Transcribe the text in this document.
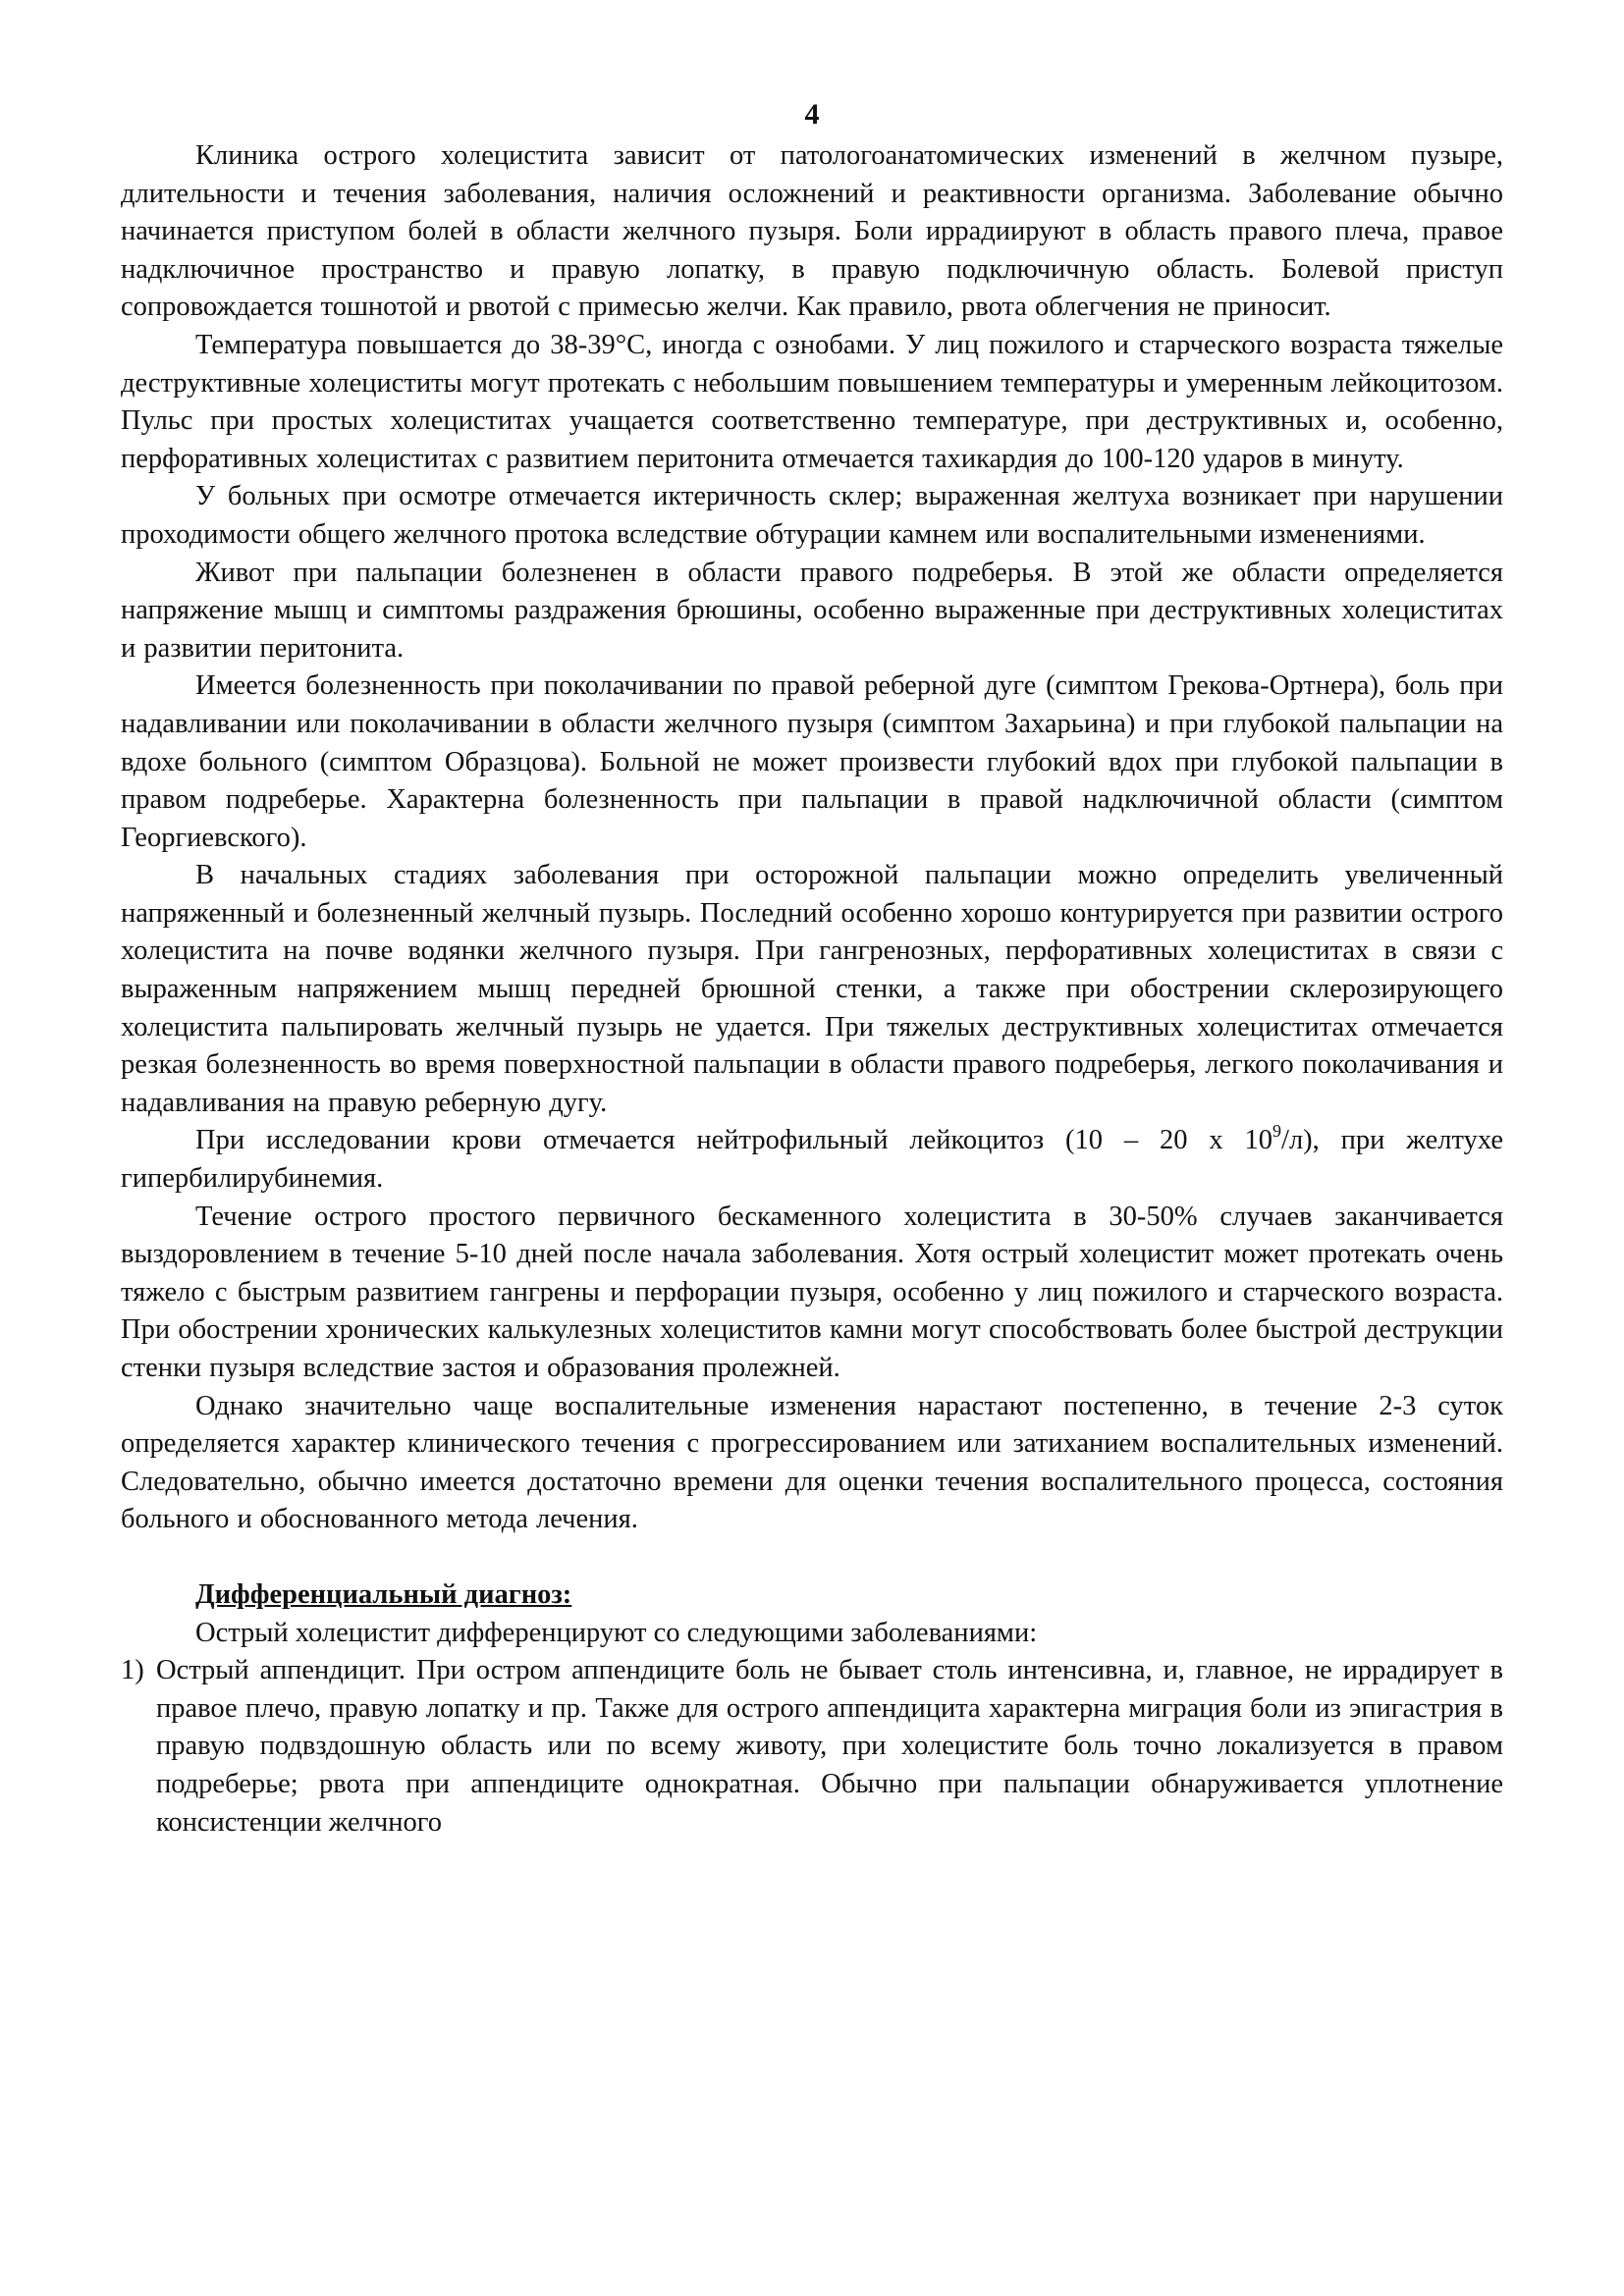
4

Клиника острого холецистита зависит от патологоанатомических изменений в желчном пузыре, длительности и течения заболевания, наличия осложнений и реактивности организма. Заболевание обычно начинается приступом болей в области желчного пузыря. Боли иррадиируют в область правого плеча, правое надключичное пространство и правую лопатку, в правую подключичную область. Болевой приступ сопровождается тошнотой и рвотой с примесью желчи. Как правило, рвота облегчения не приносит.

Температура повышается до 38-39°С, иногда с ознобами. У лиц пожилого и старческого возраста тяжелые деструктивные холециститы могут протекать с небольшим повышением температуры и умеренным лейкоцитозом. Пульс при простых холециститах учащается соответственно температуре, при деструктивных и, особенно, перфоративных холециститах с развитием перитонита отмечается тахикардия до 100-120 ударов в минуту.

У больных при осмотре отмечается иктеричность склер; выраженная желтуха возникает при нарушении проходимости общего желчного протока вследствие обтурации камнем или воспалительными изменениями.

Живот при пальпации болезненен в области правого подреберья. В этой же области определяется напряжение мышц и симптомы раздражения брюшины, особенно выраженные при деструктивных холециститах и развитии перитонита.

Имеется болезненность при поколачивании по правой реберной дуге (симптом Грекова-Ортнера), боль при надавливании или поколачивании в области желчного пузыря (симптом Захарьина) и при глубокой пальпации на вдохе больного (симптом Образцова). Больной не может произвести глубокий вдох при глубокой пальпации в правом подреберье. Характерна болезненность при пальпации в правой надключичной области (симптом Георгиевского).

В начальных стадиях заболевания при осторожной пальпации можно определить увеличенный напряженный и болезненный желчный пузырь. Последний особенно хорошо контурируется при развитии острого холецистита на почве водянки желчного пузыря. При гангренозных, перфоративных холециститах в связи с выраженным напряжением мышц передней брюшной стенки, а также при обострении склерозирующего холецистита пальпировать желчный пузырь не удается. При тяжелых деструктивных холециститах отмечается резкая болезненность во время поверхностной пальпации в области правого подреберья, легкого поколачивания и надавливания на правую реберную дугу.

При исследовании крови отмечается нейтрофильный лейкоцитоз (10 – 20 х $10^9/л$), при желтухе гипербилирубинемия.

Течение острого простого первичного бескаменного холецистита в 30-50% случаев заканчивается выздоровлением в течение 5-10 дней после начала заболевания. Хотя острый холецистит может протекать очень тяжело с быстрым развитием гангрены и перфорации пузыря, особенно у лиц пожилого и старческого возраста. При обострении хронических калькулезных холециститов камни могут способствовать более быстрой деструкции стенки пузыря вследствие застоя и образования пролежней.

Однако значительно чаще воспалительные изменения нарастают постепенно, в течение 2-3 суток определяется характер клинического течения с прогрессированием или затиханием воспалительных изменений. Следовательно, обычно имеется достаточно времени для оценки течения воспалительного процесса, состояния больного и обоснованного метода лечения.

Дифференциальный диагноз:

Острый холецистит дифференцируют со следующими заболеваниями:

1) Острый аппендицит. При остром аппендиците боль не бывает столь интенсивна, и, главное, не иррадирует в правое плечо, правую лопатку и пр. Также для острого аппендицита характерна миграция боли из эпигастрия в правую подвздошную область или по всему животу, при холецистите боль точно локализуется в правом подреберье; рвота при аппендиците однократная. Обычно при пальпации обнаруживается уплотнение консистенции желчного
